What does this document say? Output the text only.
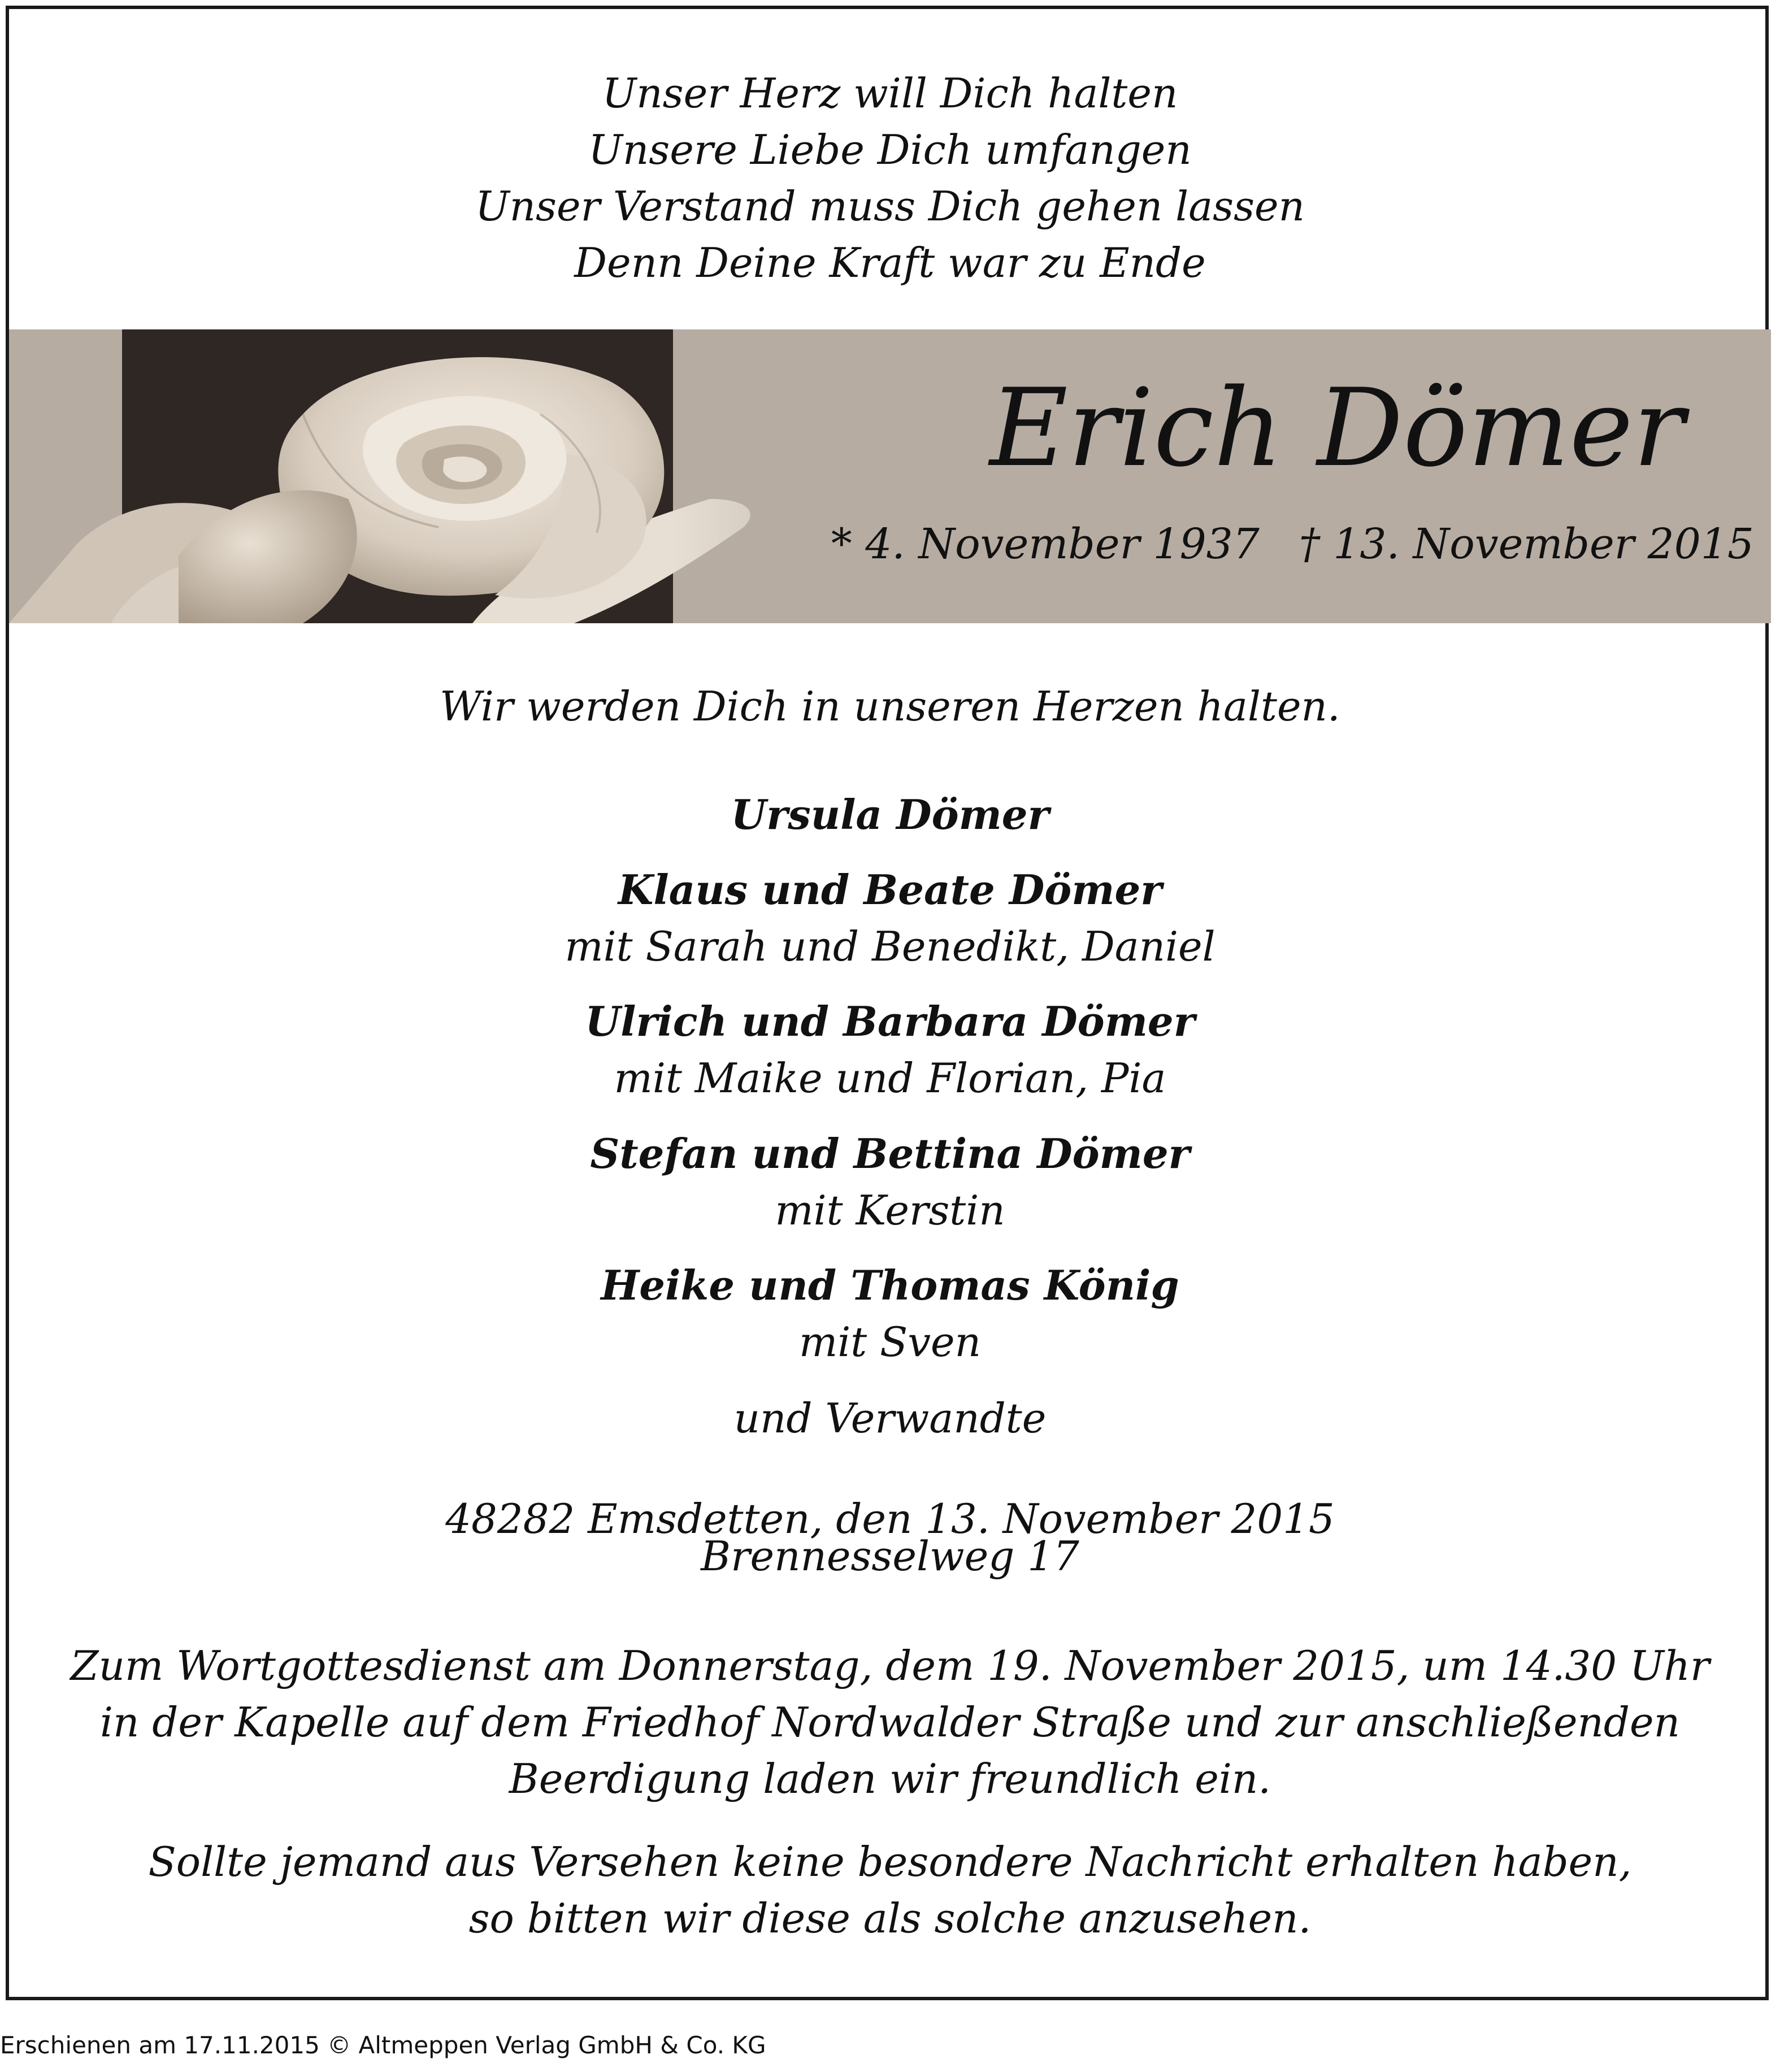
Unser Herz will Dich halten
Unsere Liebe Dich umfangen
Unser Verstand muss Dich gehen lassen
Denn Deine Kraft war zu Ende
Erich Dömer
* 4. November 1937 † 13. November 2015
Wir werden Dich in unseren Herzen halten.
Ursula Dömer
Klaus und Beate Dömer
mit Sarah und Benedikt, Daniel
Ulrich und Barbara Dömer
mit Maike und Florian, Pia
Stefan und Bettina Dömer
mit Kerstin
Heike und Thomas König
mit Sven
und Verwandte
48282 Emsdetten, den 13. November 2015
Brennesselweg 17
Zum Wortgottesdienst am Donnerstag, dem 19. November 2015, um 14.30 Uhr
in der Kapelle auf dem Friedhof Nordwalder Straße und zur anschließenden
Beerdigung laden wir freundlich ein.
Sollte jemand aus Versehen keine besondere Nachricht erhalten haben,
so bitten wir diese als solche anzusehen.
Erschienen am 17.11.2015 © Altmeppen Verlag GmbH & Co. KG
